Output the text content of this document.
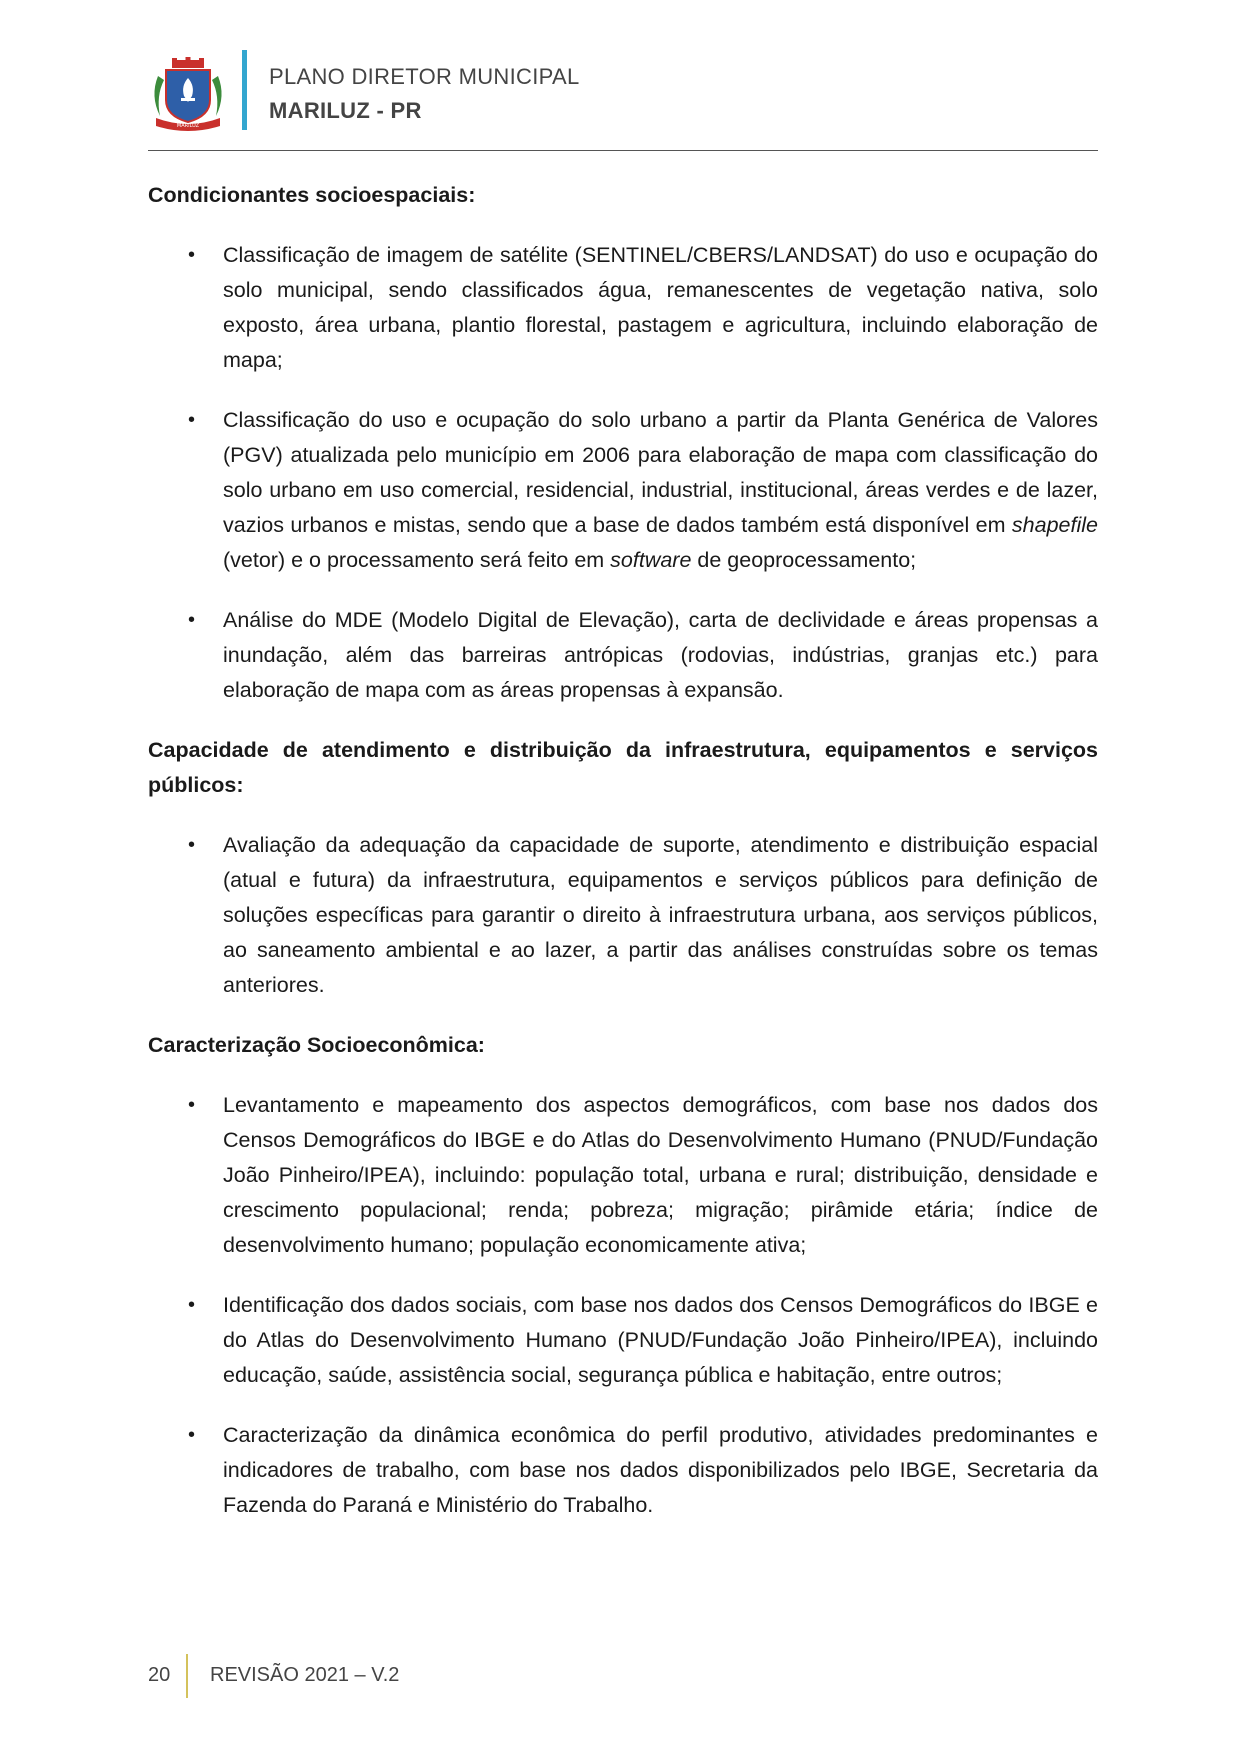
MARILUZ
PLANO DIRETOR MUNICIPAL
MARILUZ - PR
Condicionantes socioespaciais:
• Classificação de imagem de satélite (SENTINEL/CBERS/LANDSAT) do uso e ocupação do solo municipal, sendo classificados água, remanescentes de vegetação nativa, solo exposto, área urbana, plantio florestal, pastagem e agricultura, incluindo elaboração de mapa;

• Classificação do uso e ocupação do solo urbano a partir da Planta Genérica de Valores (PGV) atualizada pelo município em 2006 para elaboração de mapa com classificação do solo urbano em uso comercial, residencial, industrial, institucional, áreas verdes e de lazer, vazios urbanos e mistas, sendo que a base de dados também está disponível em shapefile (vetor) e o processamento será feito em software de geoprocessamento;

• Análise do MDE (Modelo Digital de Elevação), carta de declividade e áreas propensas a inundação, além das barreiras antrópicas (rodovias, indústrias, granjas etc.) para elaboração de mapa com as áreas propensas à expansão.

Capacidade de atendimento e distribuição da infraestrutura, equipamentos e serviços públicos:
• Avaliação da adequação da capacidade de suporte, atendimento e distribuição espacial (atual e futura) da infraestrutura, equipamentos e serviços públicos para definição de soluções específicas para garantir o direito à infraestrutura urbana, aos serviços públicos, ao saneamento ambiental e ao lazer, a partir das análises construídas sobre os temas anteriores.

Caracterização Socioeconômica:
• Levantamento e mapeamento dos aspectos demográficos, com base nos dados dos Censos Demográficos do IBGE e do Atlas do Desenvolvimento Humano (PNUD/Fundação João Pinheiro/IPEA), incluindo: população total, urbana e rural; distribuição, densidade e crescimento populacional; renda; pobreza; migração; pirâmide etária; índice de desenvolvimento humano; população economicamente ativa;

• Identificação dos dados sociais, com base nos dados dos Censos Demográficos do IBGE e do Atlas do Desenvolvimento Humano (PNUD/Fundação João Pinheiro/IPEA), incluindo educação, saúde, assistência social, segurança pública e habitação, entre outros;

• Caracterização da dinâmica econômica do perfil produtivo, atividades predominantes e indicadores de trabalho, com base nos dados disponibilizados pelo IBGE, Secretaria da Fazenda do Paraná e Ministério do Trabalho.

20 REVISÃO 2021 – V.2
